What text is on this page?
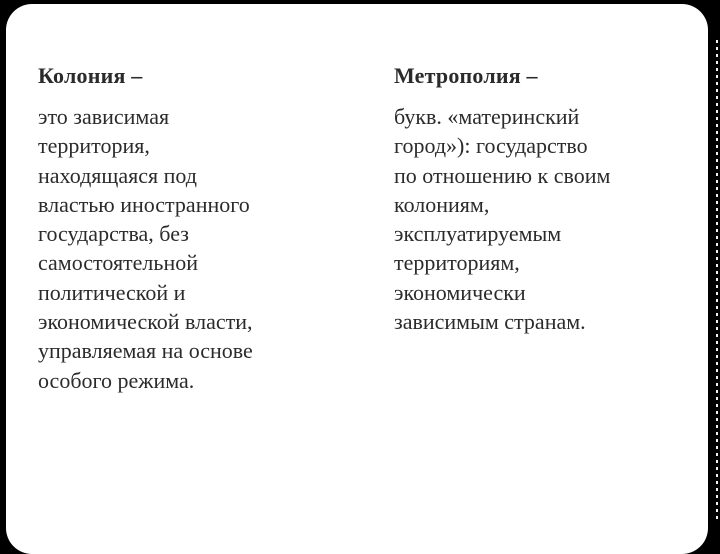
Колония –
это зависимая
территория,
находящаяся под
властью иностранного
государства, без
самостоятельной
политической и
экономической власти,
управляемая на основе
особого режима.
Метрополия –
букв. «материнский
город»): государство
по отношению к своим
колониям,
эксплуатируемым
территориям,
экономически
зависимым странам.
